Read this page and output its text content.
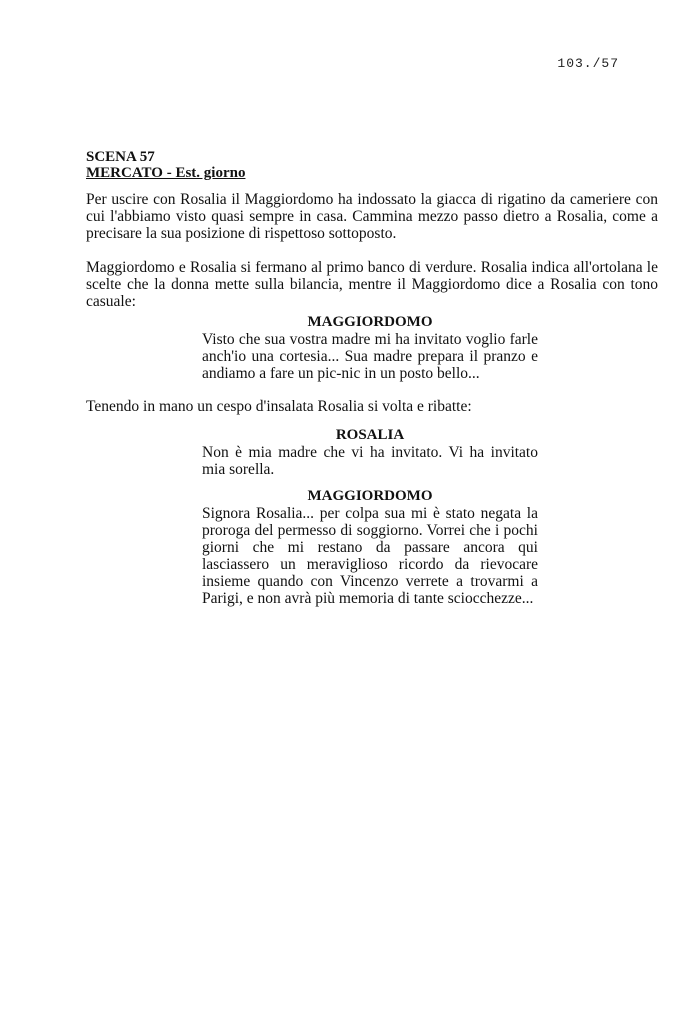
103./57

SCENA 57

MERCATO - Est. giorno

Per uscire con Rosalia il Maggiordomo ha indossato la giacca di rigatino da cameriere con cui l'abbiamo visto quasi sempre in casa. Cammina mezzo passo dietro a Rosalia, come a precisare la sua posizione di rispettoso sottoposto.

Maggiordomo e Rosalia si fermano al primo banco di verdure. Rosalia indica all'ortolana le scelte che la donna mette sulla bilancia, mentre il Maggiordomo dice a Rosalia con tono casuale:

MAGGIORDOMO

Visto che sua vostra madre mi ha invitato voglio farle anch'io una cortesia... Sua madre prepara il pranzo e andiamo a fare un pic-nic in un posto bello...

Tenendo in mano un cespo d'insalata Rosalia si volta e ribatte:

ROSALIA

Non è mia madre che vi ha invitato. Vi ha invitato mia sorella.

MAGGIORDOMO

Signora Rosalia... per colpa sua mi è stato negata la proroga del permesso di soggiorno. Vorrei che i pochi giorni che mi restano da passare ancora qui lasciassero un meraviglioso ricordo da rievocare insieme quando con Vincenzo verrete a trovarmi a Parigi, e non avrà più memoria di tante sciocchezze...
